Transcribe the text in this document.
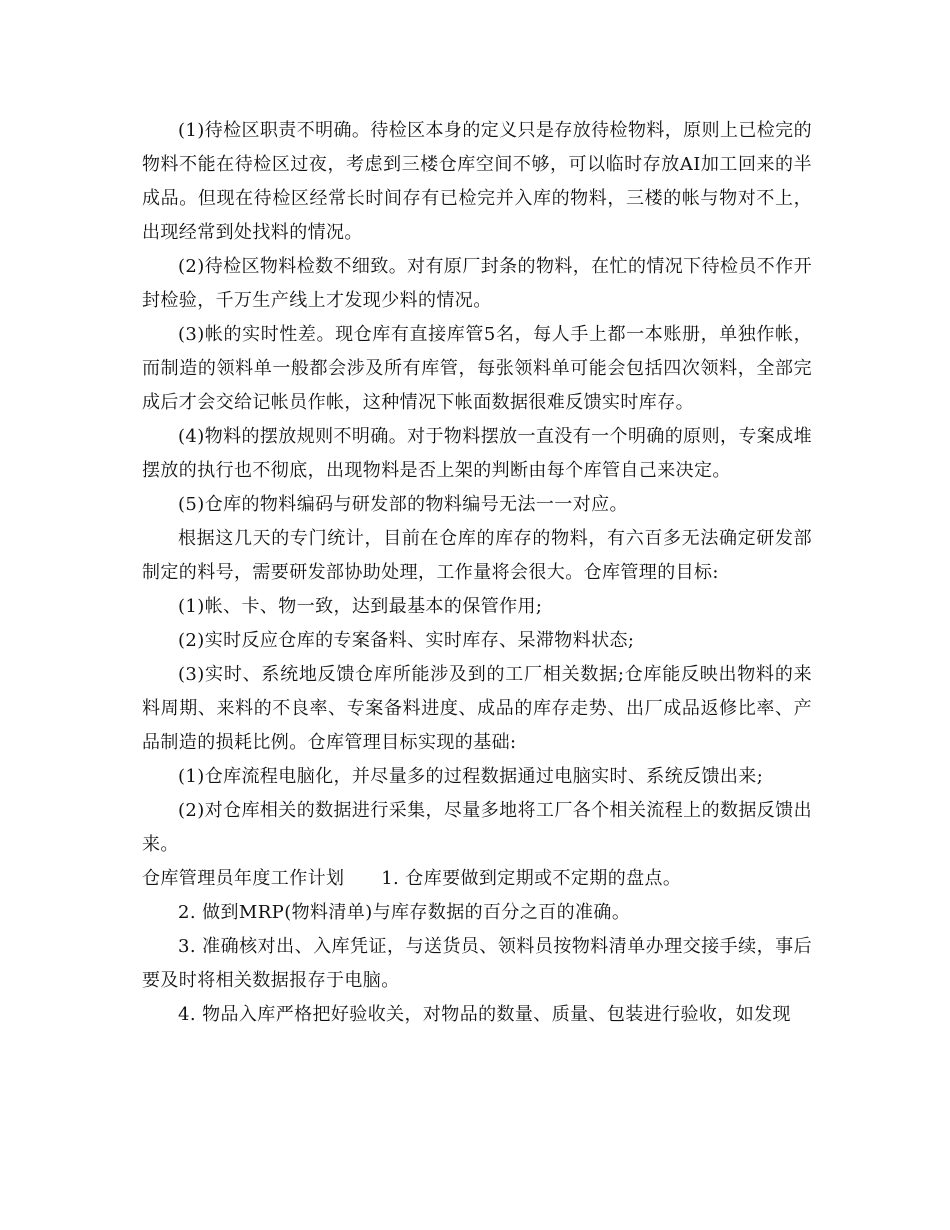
(1)待检区职责不明确。待检区本身的定义只是存放待检物料，原则上已检完的物料不能在待检区过夜，考虑到三楼仓库空间不够，可以临时存放AI加工回来的半成品。但现在待检区经常长时间存有已检完并入库的物料，三楼的帐与物对不上，出现经常到处找料的情况。

(2)待检区物料检数不细致。对有原厂封条的物料，在忙的情况下待检员不作开封检验，千万生产线上才发现少料的情况。

(3)帐的实时性差。现仓库有直接库管5名，每人手上都一本账册，单独作帐，而制造的领料单一般都会涉及所有库管，每张领料单可能会包括四次领料，全部完成后才会交给记帐员作帐，这种情况下帐面数据很难反馈实时库存。

(4)物料的摆放规则不明确。对于物料摆放一直没有一个明确的原则，专案成堆摆放的执行也不彻底，出现物料是否上架的判断由每个库管自己来决定。

(5)仓库的物料编码与研发部的物料编号无法一一对应。

根据这几天的专门统计，目前在仓库的库存的物料，有六百多无法确定研发部制定的料号，需要研发部协助处理，工作量将会很大。仓库管理的目标:

(1)帐、卡、物一致，达到最基本的保管作用;

(2)实时反应仓库的专案备料、实时库存、呆滞物料状态;

(3)实时、系统地反馈仓库所能涉及到的工厂相关数据;仓库能反映出物料的来料周期、来料的不良率、专案备料进度、成品的库存走势、出厂成品返修比率、产品制造的损耗比例。仓库管理目标实现的基础:

(1)仓库流程电脑化，并尽量多的过程数据通过电脑实时、系统反馈出来;

(2)对仓库相关的数据进行采集，尽量多地将工厂各个相关流程上的数据反馈出来。

仓库管理员年度工作计划　　1. 仓库要做到定期或不定期的盘点。

2. 做到MRP(物料清单)与库存数据的百分之百的准确。

3. 准确核对出、入库凭证，与送货员、领料员按物料清单办理交接手续，事后要及时将相关数据报存于电脑。

4. 物品入库严格把好验收关，对物品的数量、质量、包装进行验收，如发现
